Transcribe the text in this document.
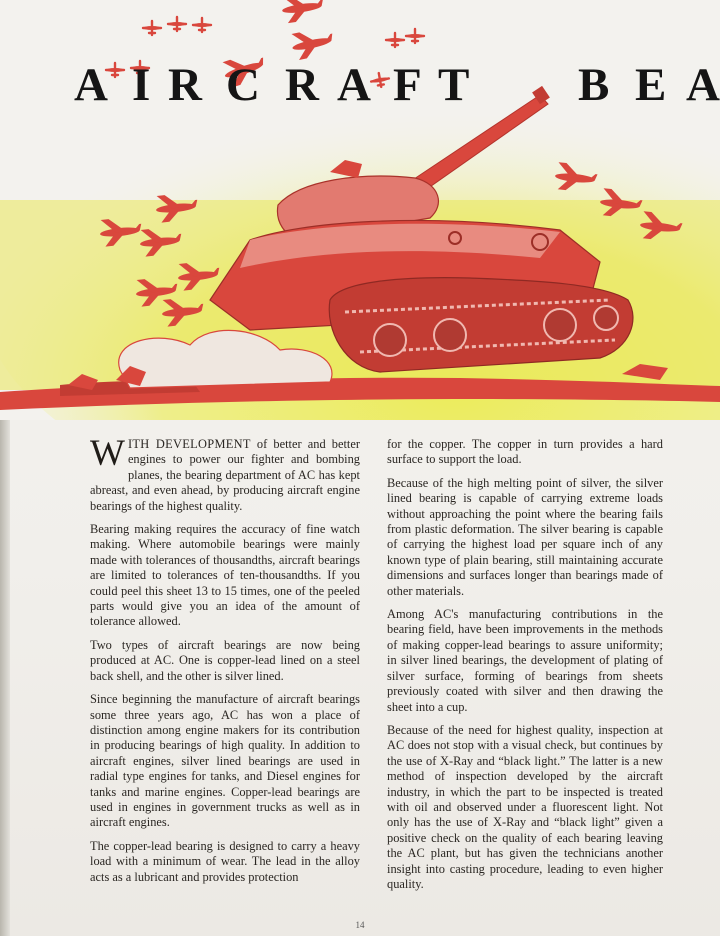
A I R C R A F T B E A

WITH DEVELOPMENT of better and better engines to power our fighter and bombing planes, the bearing department of AC has kept abreast, and even ahead, by producing aircraft engine bearings of the highest quality.

Bearing making requires the accuracy of fine watch making. Where automobile bearings were mainly made with tolerances of thousandths, aircraft bearings are limited to tolerances of ten-thousandths. If you could peel this sheet 13 to 15 times, one of the peeled parts would give you an idea of the amount of tolerance allowed.

Two types of aircraft bearings are now being produced at AC. One is copper-lead lined on a steel back shell, and the other is silver lined.

Since beginning the manufacture of aircraft bearings some three years ago, AC has won a place of distinction among engine makers for its contribution in producing bearings of high quality. In addition to aircraft engines, silver lined bearings are used in radial type engines for tanks, and Diesel engines for tanks and marine engines. Copper-lead bearings are used in engines in government trucks as well as in aircraft engines.

The copper-lead bearing is designed to carry a heavy load with a minimum of wear. The lead in the alloy acts as a lubricant and provides protection

for the copper. The copper in turn provides a hard surface to support the load.

Because of the high melting point of silver, the silver lined bearing is capable of carrying extreme loads without approaching the point where the bearing fails from plastic deformation. The silver bearing is capable of carrying the highest load per square inch of any known type of plain bearing, still maintaining accurate dimensions and surfaces longer than bearings made of other materials.

Among AC's manufacturing contributions in the bearing field, have been improvements in the methods of making copper-lead bearings to assure uniformity; in silver lined bearings, the development of plating of silver surface, forming of bearings from sheets previously coated with silver and then drawing the sheet into a cup.

Because of the need for highest quality, inspection at AC does not stop with a visual check, but continues by the use of X-Ray and “black light.” The latter is a new method of inspection developed by the aircraft industry, in which the part to be inspected is treated with oil and observed under a fluorescent light. Not only has the use of X-Ray and “black light” given a positive check on the quality of each bearing leaving the AC plant, but has given the technicians another insight into casting procedure, leading to even higher quality.

14
